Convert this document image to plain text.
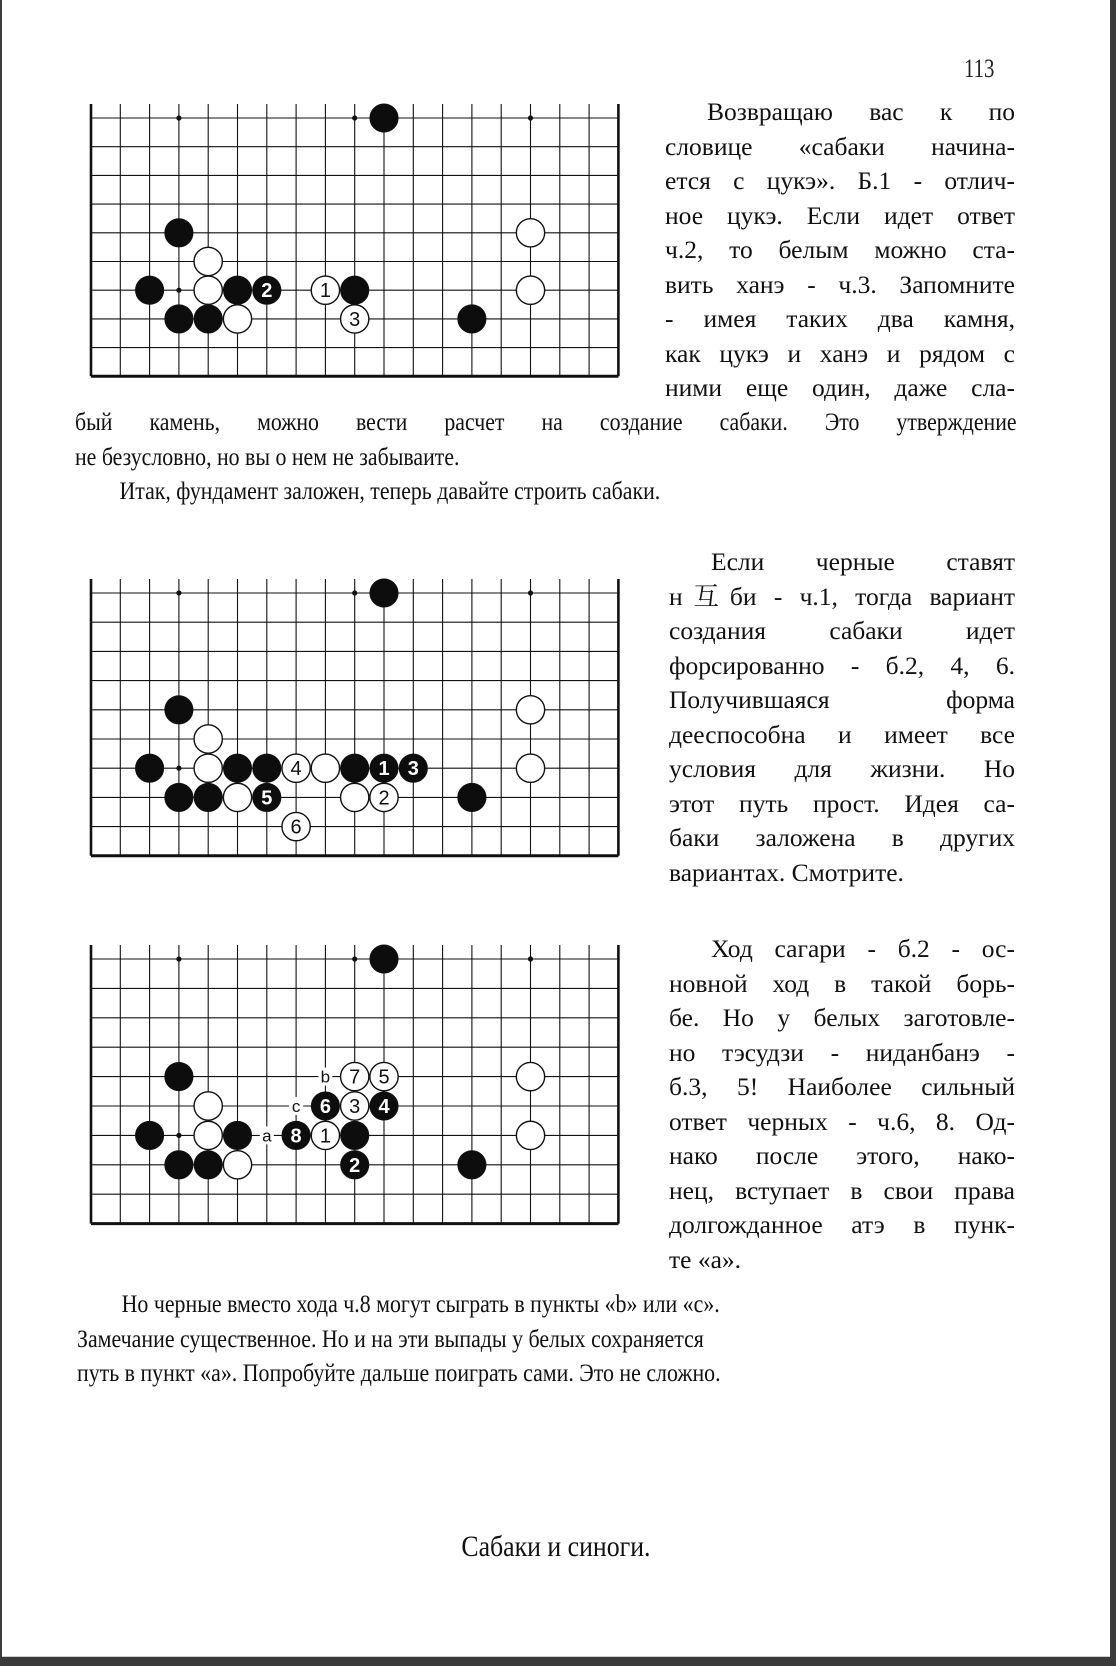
113
2 1
3
Возвращаю вас к по
словице «сабаки начина-
ется с цукэ». Б.1 - отлич-
ное цукэ. Если идет ответ
ч.2, то белым можно ста-
вить ханэ - ч.3. Запомните
- имея таких два камня,
как цукэ и ханэ и рядом с
ними еще один, даже сла-
бый камень, можно вести расчет на создание сабаки. Это утверждение
не безусловно, но вы о нем не забываите.
Итак, фундамент заложен, теперь давайте строить сабаки.
4	1 3
5	2
6
Если черные ставят
н互би - ч.1, тогда вариант
создания сабаки идет
форсированно - б.2, 4, 6.
Получившаяся форма
дееспособна и имеет все
условия для жизни. Но
этот путь прост. Идея са-
баки заложена в других
вариантах. Смотрите.
b
c
a
7 5
6 3 4
8 1
2
Ход сагари - б.2 - ос-
новной ход в такой борь-
бе. Но у белых заготовле-
но тэсудзи - ниданбанэ -
б.3, 5! Наиболее сильный
ответ черных - ч.6, 8. Од-
нако после этого, нако-
нец, вступает в свои права
долгожданное атэ в пунк-
те «а».
Но черные вместо хода ч.8 могут сыграть в пункты «b» или «с».
Замечание существенное. Но и на эти выпады у белых сохраняется
путь в пункт «а». Попробуйте дальше поиграть сами. Это не сложно.
Сабаки и синоги.
